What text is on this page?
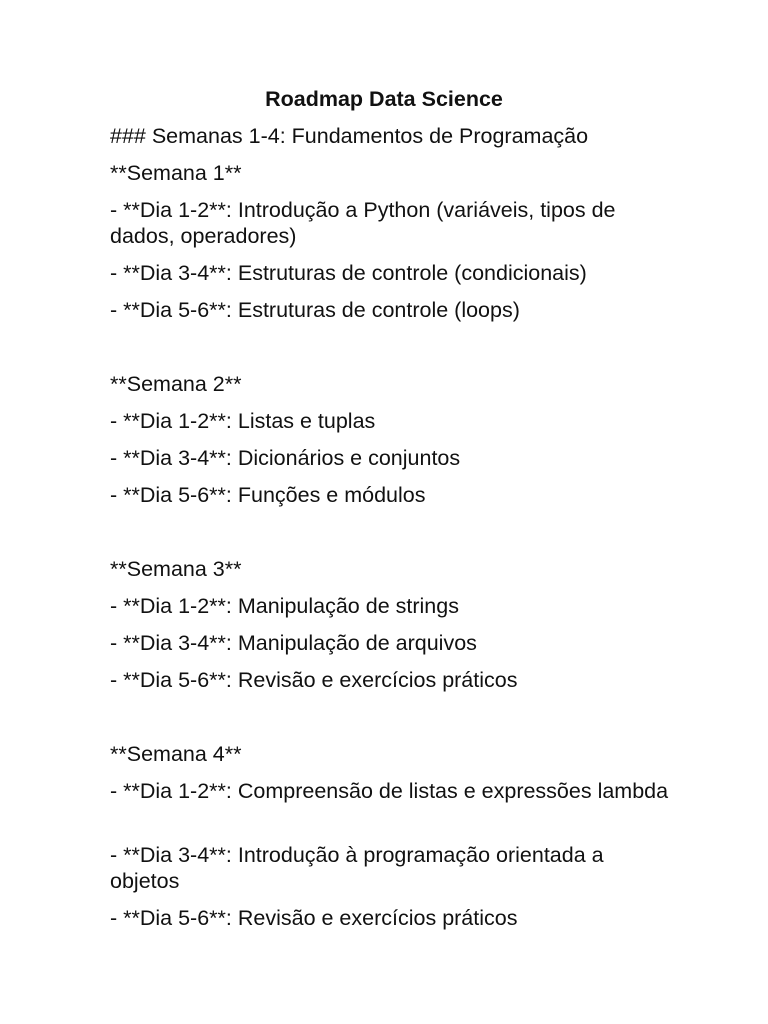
Roadmap Data Science
### Semanas 1-4: Fundamentos de Programação
**Semana 1**
- **Dia 1-2**: Introdução a Python (variáveis, tipos de dados, operadores)
- **Dia 3-4**: Estruturas de controle (condicionais)
- **Dia 5-6**: Estruturas de controle (loops)
**Semana 2**
- **Dia 1-2**: Listas e tuplas
- **Dia 3-4**: Dicionários e conjuntos
- **Dia 5-6**: Funções e módulos
**Semana 3**
- **Dia 1-2**: Manipulação de strings
- **Dia 3-4**: Manipulação de arquivos
- **Dia 5-6**: Revisão e exercícios práticos
**Semana 4**
- **Dia 1-2**: Compreensão de listas e expressões lambda
- **Dia 3-4**: Introdução à programação orientada a objetos
- **Dia 5-6**: Revisão e exercícios práticos
